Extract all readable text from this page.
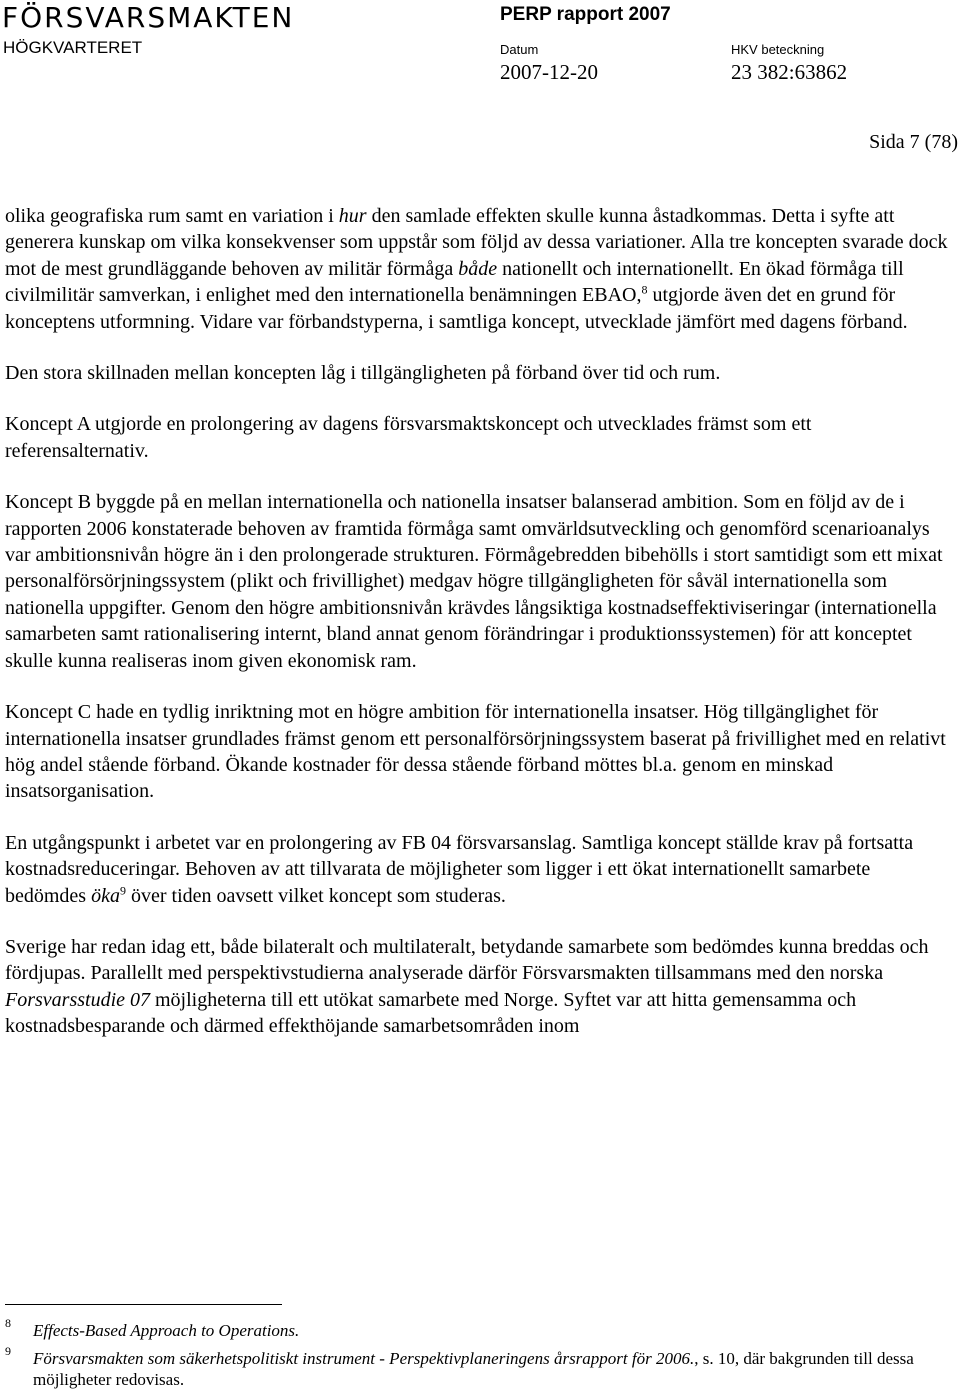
FÖRSVARSMAKTEN
HÖGKVARTERET
PERP rapport 2007
Datum
2007-12-20
HKV beteckning
23 382:63862
Sida 7 (78)

olika geografiska rum samt en variation i hur den samlade effekten skulle kunna åstadkommas. Detta i syfte att generera kunskap om vilka konsekvenser som uppstår som följd av dessa variationer. Alla tre koncepten svarade dock mot de mest grundläggande behoven av militär förmåga både nationellt och internationellt. En ökad förmåga till civilmilitär samverkan, i enlighet med den internationella benämningen EBAO,$^8$ utgjorde även det en grund för konceptens utformning. Vidare var förbandstyperna, i samtliga koncept, utvecklade jämfört med dagens förband.

Den stora skillnaden mellan koncepten låg i tillgängligheten på förband över tid och rum.

Koncept A utgjorde en prolongering av dagens försvarsmaktskoncept och utvecklades främst som ett referensalternativ.

Koncept B byggde på en mellan internationella och nationella insatser balanserad ambition. Som en följd av de i rapporten 2006 konstaterade behoven av framtida förmåga samt omvärldsutveckling och genomförd scenarioanalys var ambitionsnivån högre än i den prolongerade strukturen. Förmågebredden bibehölls i stort samtidigt som ett mixat personalförsörjningssystem (plikt och frivillighet) medgav högre tillgängligheten för såväl internationella som nationella uppgifter. Genom den högre ambitionsnivån krävdes långsiktiga kostnadseffektiviseringar (internationella samarbeten samt rationalisering internt, bland annat genom förändringar i produktionssystemen) för att konceptet skulle kunna realiseras inom given ekonomisk ram.

Koncept C hade en tydlig inriktning mot en högre ambition för internationella insatser. Hög tillgänglighet för internationella insatser grundlades främst genom ett personalförsörjningssystem baserat på frivillighet med en relativt hög andel stående förband. Ökande kostnader för dessa stående förband möttes bl.a. genom en minskad insatsorganisation.

En utgångspunkt i arbetet var en prolongering av FB 04 försvarsanslag. Samtliga koncept ställde krav på fortsatta kostnadsreduceringar. Behoven av att tillvarata de möjligheter som ligger i ett ökat internationellt samarbete bedömdes öka$^9$ över tiden oavsett vilket koncept som studeras.

Sverige har redan idag ett, både bilateralt och multilateralt, betydande samarbete som bedömdes kunna breddas och fördjupas. Parallellt med perspektivstudierna analyserade därför Försvarsmakten tillsammans med den norska Forsvarsstudie 07 möjligheterna till ett utökat samarbete med Norge. Syftet var att hitta gemensamma och kostnadsbesparande och därmed effekthöjande samarbetsområden inom

8 Effects-Based Approach to Operations.
9 Försvarsmakten som säkerhetspolitiskt instrument - Perspektivplaneringens årsrapport för 2006., s. 10, där bakgrunden till dessa möjligheter redovisas.
